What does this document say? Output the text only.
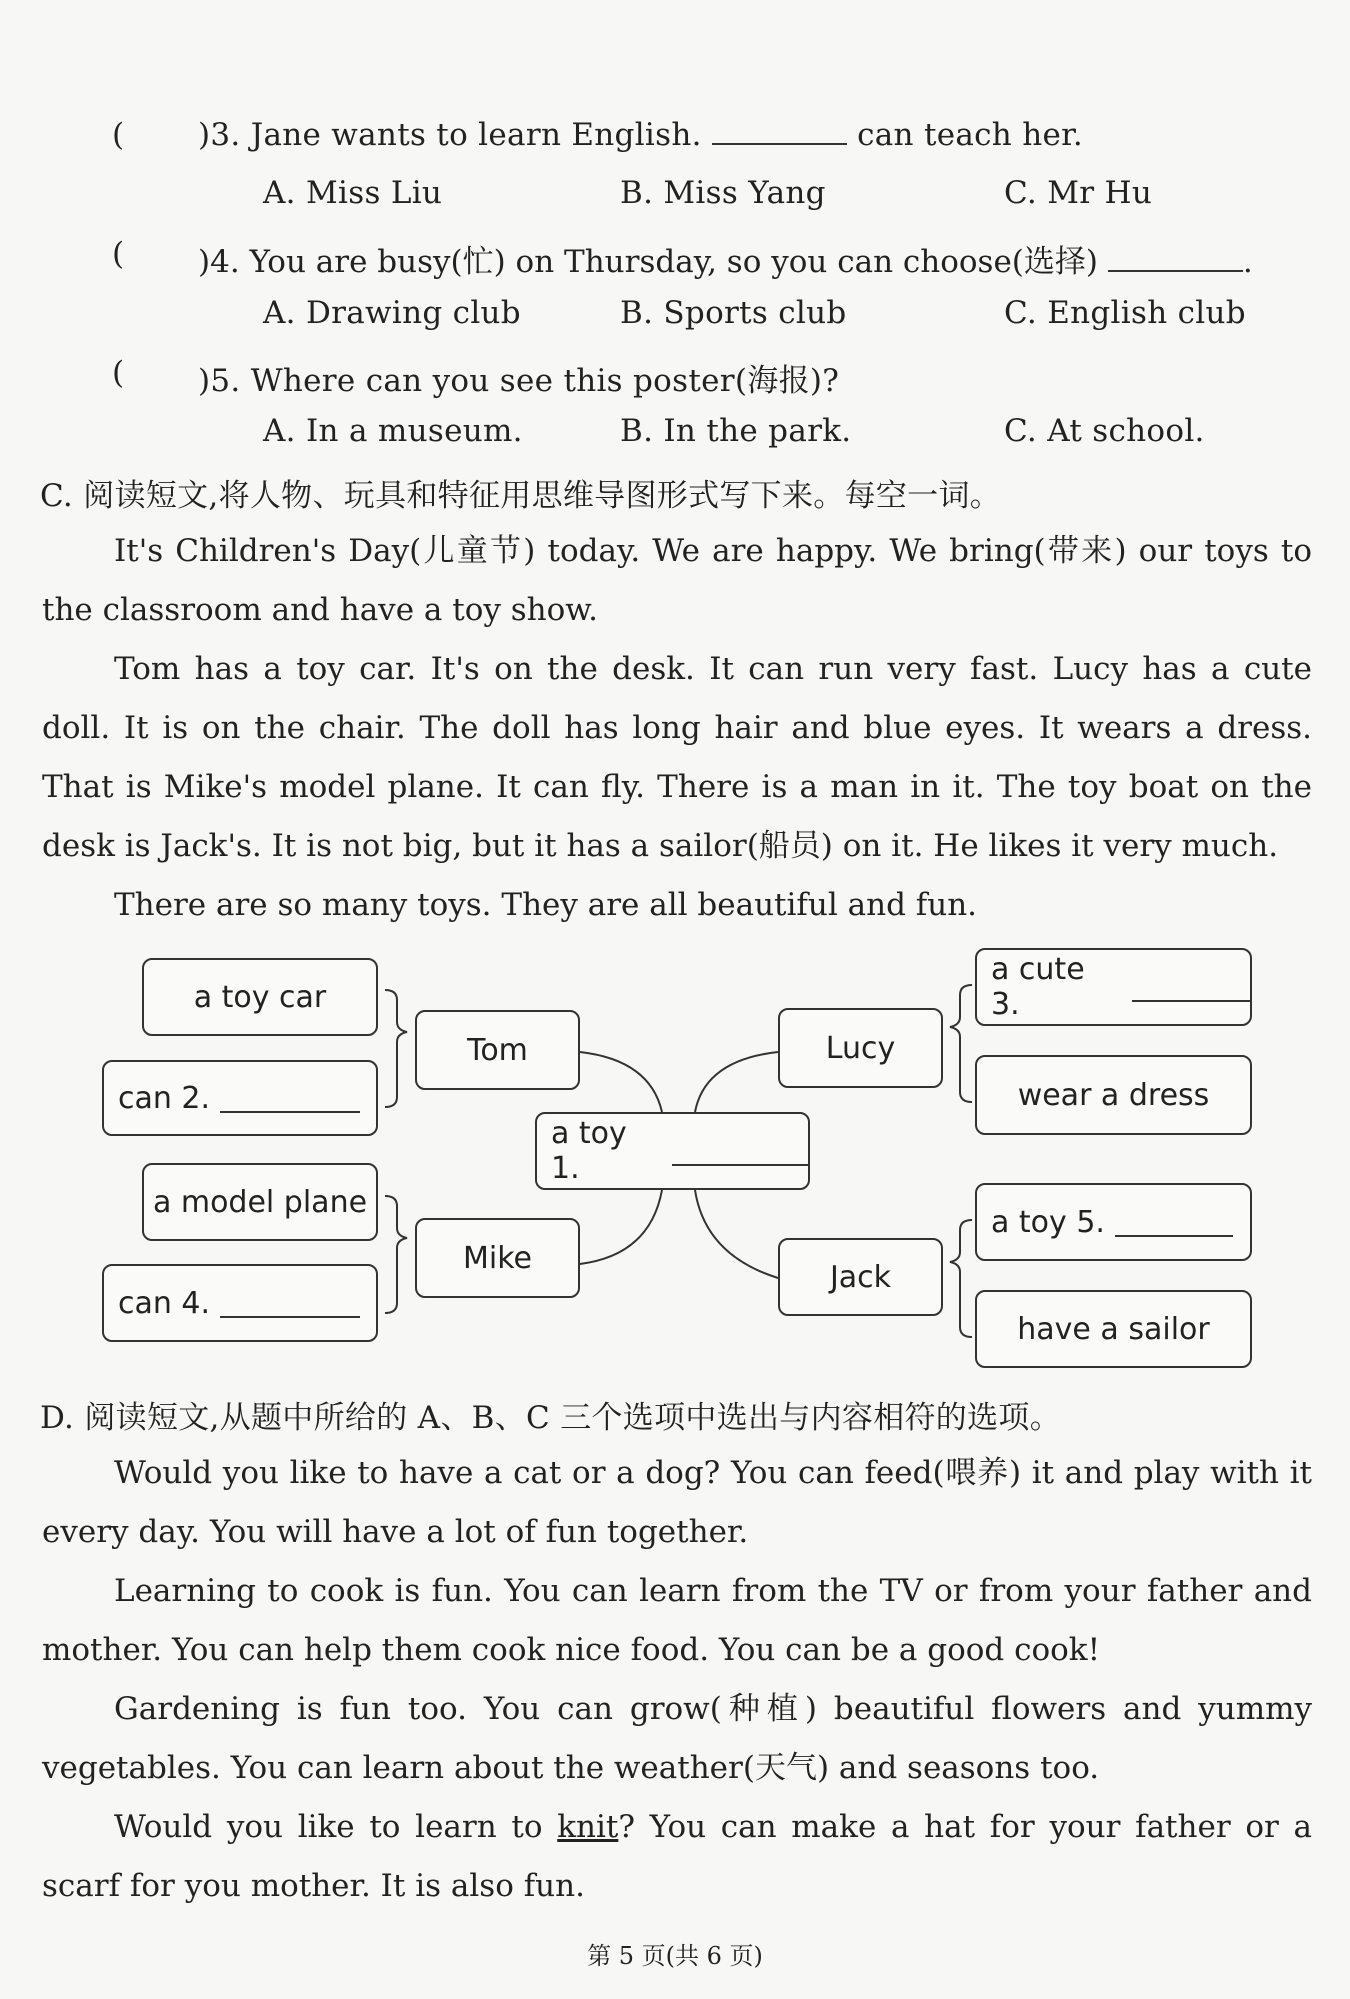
( )3. Jane wants to learn English.	can teach her.
A. Miss Liu	B. Miss Yang	C. Mr Hu
( )4. You are busy(忙) on Thursday, so you can choose(选择)	.
A. Drawing club	B. Sports club	C. English club
( )5. Where can you see this poster(海报)?
A. In a museum.	B. In the park.	C. At school.
C. 阅读短文,将人物、玩具和特征用思维导图形式写下来。每空一词。
It's Children's Day(儿童节) today. We are happy. We bring(带来) our toys to the classroom and have a toy show.
Tom has a toy car. It's on the desk. It can run very fast. Lucy has a cute doll. It is on the chair. The doll has long hair and blue eyes. It wears a dress. That is Mike's model plane. It can fly. There is a man in it. The toy boat on the desk is Jack's. It is not big, but it has a sailor(船员) on it. He likes it very much.
There are so many toys. They are all beautiful and fun.
a toy car
can 2.
Tom
a model plane
can 4.
Mike
a toy 1.
Lucy
a cute 3.
wear a dress
Jack
a toy 5.
have a sailor
D. 阅读短文,从题中所给的 A、B、C 三个选项中选出与内容相符的选项。
Would you like to have a cat or a dog? You can feed(喂养) it and play with it every day. You will have a lot of fun together.
Learning to cook is fun. You can learn from the TV or from your father and mother. You can help them cook nice food. You can be a good cook!
Gardening is fun too. You can grow(种植) beautiful flowers and yummy vegetables. You can learn about the weather(天气) and seasons too.
Would you like to learn to knit? You can make a hat for your father or a scarf for you mother. It is also fun.
第 5 页(共 6 页)
